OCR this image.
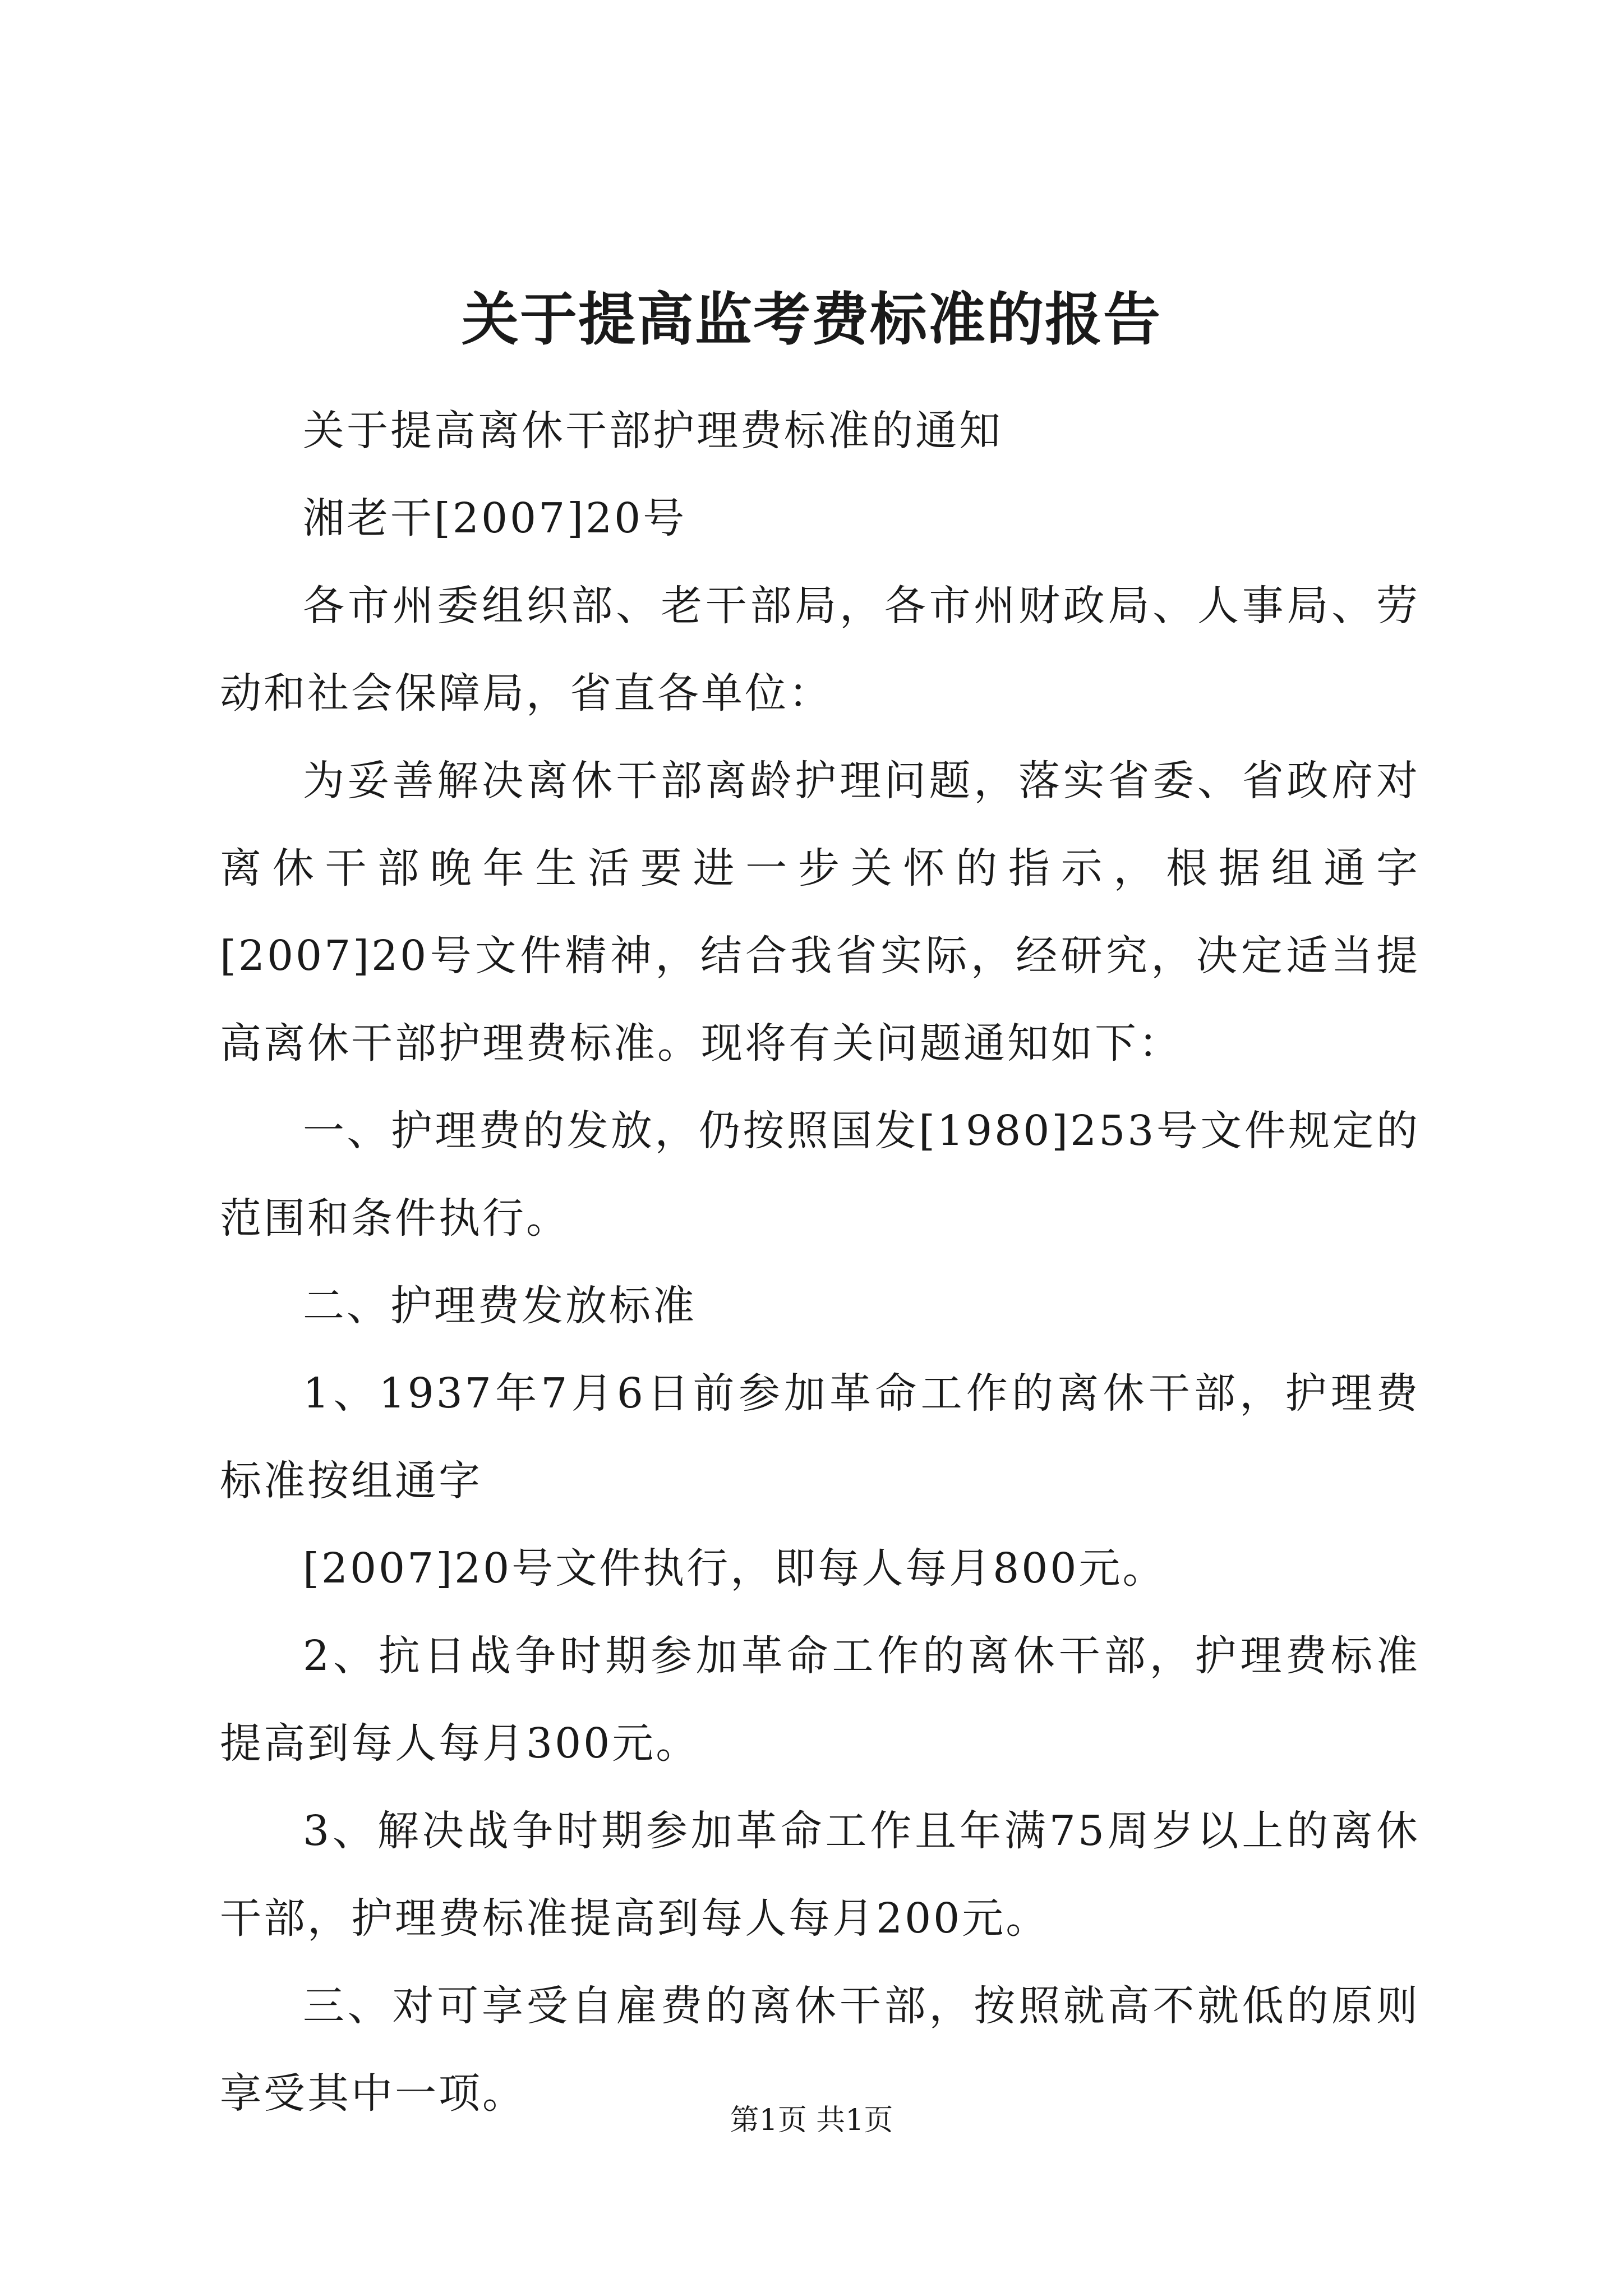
关于提高监考费标准的报告

关于提高离休干部护理费标准的通知

湘老干[2007]20号

各市州委组织部、老干部局，各市州财政局、人事局、劳动和社会保障局，省直各单位：

为妥善解决离休干部离龄护理问题，落实省委、省政府对离休干部晚年生活要进一步关怀的指示，根据组通字[2007]20号文件精神，结合我省实际，经研究，决定适当提高离休干部护理费标准。现将有关问题通知如下：

一、护理费的发放，仍按照国发[1980]253号文件规定的范围和条件执行。

二、护理费发放标准

1、1937年7月6日前参加革命工作的离休干部，护理费标准按组通字

[2007]20号文件执行，即每人每月800元。

2、抗日战争时期参加革命工作的离休干部，护理费标准提高到每人每月300元。

3、解决战争时期参加革命工作且年满75周岁以上的离休干部，护理费标准提高到每人每月200元。

三、对可享受自雇费的离休干部，按照就高不就低的原则享受其中一项。

第1页 共1页
